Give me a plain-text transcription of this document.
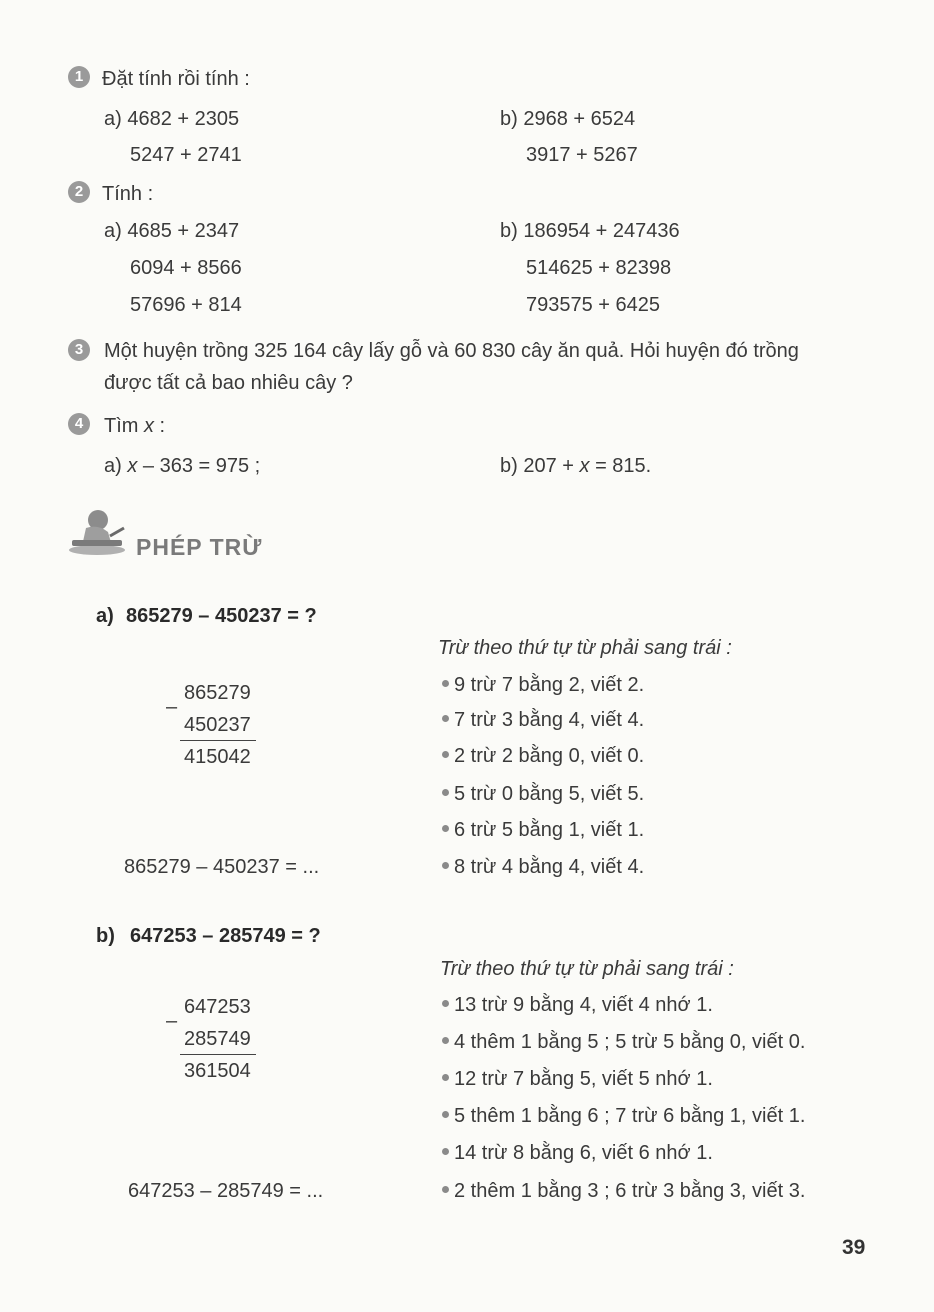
1 Đặt tính rồi tính :
a) 4682 + 2305
5247 + 2741
b) 2968 + 6524
3917 + 5267
2 Tính :
a) 4685 + 2347
6094 + 8566
57696 + 814
b) 186954 + 247436
514625 + 82398
793575 + 6425
3	Một huyện trồng 325 164 cây lấy gỗ và 60 830 cây ăn quả. Hỏi huyện đó trồng
được tất cả bao nhiêu cây ?
4	Tìm x :
a) x – 363 = 975 ;	b) 207 + x = 815.
PHÉP TRỪ
a) 865279 – 450237 = ?
865279
–
450237
415042
865279 – 450237 = ...
Trừ theo thứ tự từ phải sang trái :
9 trừ 7 bằng 2, viết 2.
7 trừ 3 bằng 4, viết 4.
2 trừ 2 bằng 0, viết 0.
5 trừ 0 bằng 5, viết 5.
6 trừ 5 bằng 1, viết 1.
8 trừ 4 bằng 4, viết 4.
b) 647253 – 285749 = ?
647253
–
285749
361504
647253 – 285749 = ...
Trừ theo thứ tự từ phải sang trái :
13 trừ 9 bằng 4, viết 4 nhớ 1.
4 thêm 1 bằng 5 ; 5 trừ 5 bằng 0, viết 0.
12 trừ 7 bằng 5, viết 5 nhớ 1.
5 thêm 1 bằng 6 ; 7 trừ 6 bằng 1, viết 1.
14 trừ 8 bằng 6, viết 6 nhớ 1.
2 thêm 1 bằng 3 ; 6 trừ 3 bằng 3, viết 3.
39
